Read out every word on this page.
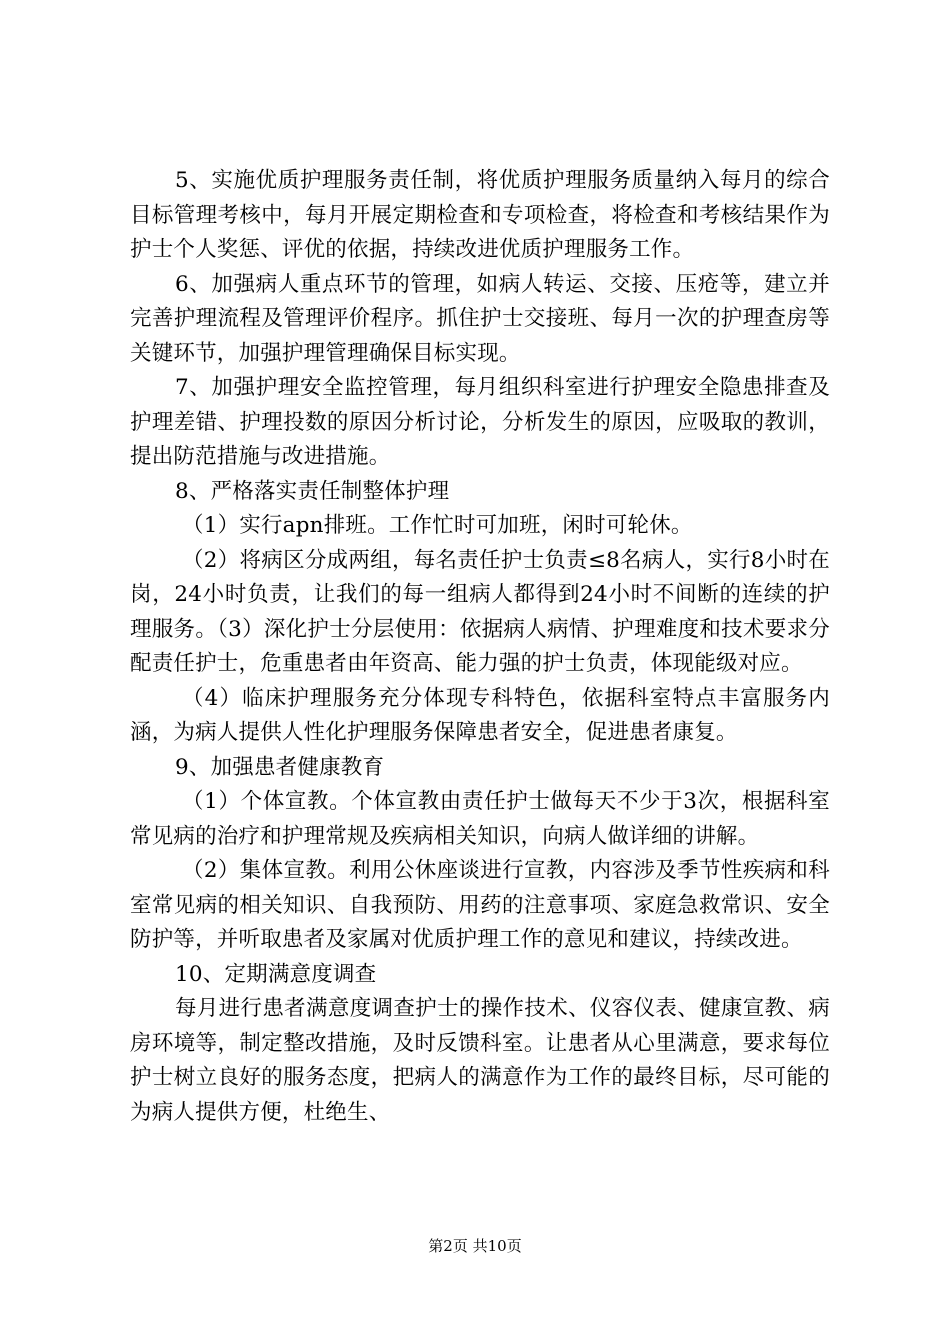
5、实施优质护理服务责任制，将优质护理服务质量纳入每月的综合目标管理考核中，每月开展定期检查和专项检查，将检查和考核结果作为护士个人奖惩、评优的依据，持续改进优质护理服务工作。

6、加强病人重点环节的管理，如病人转运、交接、压疮等，建立并完善护理流程及管理评价程序。抓住护士交接班、每月一次的护理查房等关键环节，加强护理管理确保目标实现。

7、加强护理安全监控管理，每月组织科室进行护理安全隐患排查及护理差错、护理投数的原因分析讨论，分析发生的原因，应吸取的教训，提出防范措施与改进措施。

8、严格落实责任制整体护理

（1）实行apn排班。工作忙时可加班，闲时可轮休。

（2）将病区分成两组，每名责任护士负责≤8名病人，实行8小时在岗，24小时负责，让我们的每一组病人都得到24小时不间断的连续的护理服务。（3）深化护士分层使用：依据病人病情、护理难度和技术要求分配责任护士，危重患者由年资高、能力强的护士负责，体现能级对应。

（4）临床护理服务充分体现专科特色，依据科室特点丰富服务内涵，为病人提供人性化护理服务保障患者安全，促进患者康复。

9、加强患者健康教育

（1）个体宣教。个体宣教由责任护士做每天不少于3次，根据科室常见病的治疗和护理常规及疾病相关知识，向病人做详细的讲解。

（2）集体宣教。利用公休座谈进行宣教，内容涉及季节性疾病和科室常见病的相关知识、自我预防、用药的注意事项、家庭急救常识、安全防护等，并听取患者及家属对优质护理工作的意见和建议，持续改进。

10、定期满意度调查

每月进行患者满意度调查护士的操作技术、仪容仪表、健康宣教、病房环境等，制定整改措施，及时反馈科室。让患者从心里满意，要求每位护士树立良好的服务态度，把病人的满意作为工作的最终目标，尽可能的为病人提供方便，杜绝生、

第2页 共10页
